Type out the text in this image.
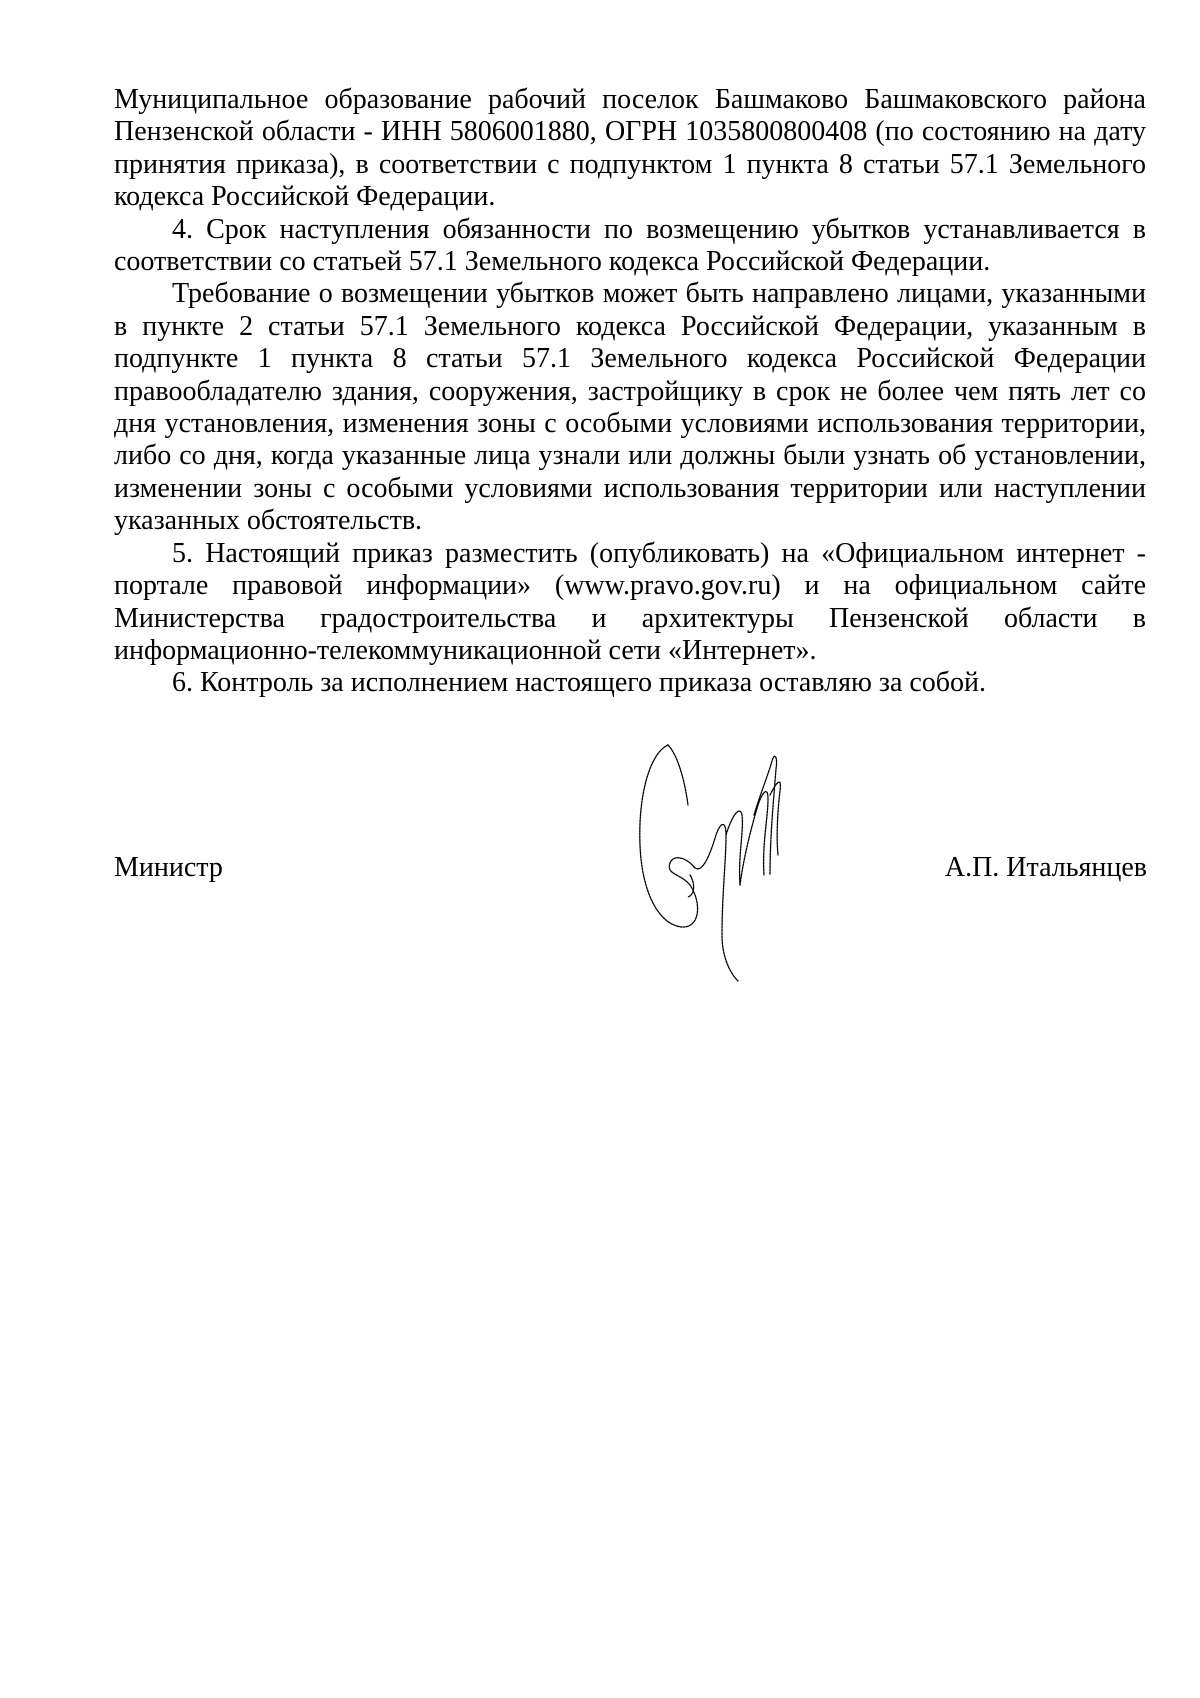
Муниципальное образование рабочий поселок Башмаково Башмаковского района Пензенской области - ИНН 5806001880, ОГРН 1035800800408 (по состоянию на дату принятия приказа), в соответствии с подпунктом 1 пункта 8 статьи 57.1 Земельного кодекса Российской Федерации.

4. Срок наступления обязанности по возмещению убытков устанавливается в соответствии со статьей 57.1 Земельного кодекса Российской Федерации.

Требование о возмещении убытков может быть направлено лицами, указанными в пункте 2 статьи 57.1 Земельного кодекса Российской Федерации, указанным в подпункте 1 пункта 8 статьи 57.1 Земельного кодекса Российской Федерации правообладателю здания, сооружения, застройщику в срок не более чем пять лет со дня установления, изменения зоны с особыми условиями использования территории, либо со дня, когда указанные лица узнали или должны были узнать об установлении, изменении зоны с особыми условиями использования территории или наступлении указанных обстоятельств.

5. Настоящий приказ разместить (опубликовать) на «Официальном интернет - портале правовой информации» (www.pravo.gov.ru) и на официальном сайте Министерства градостроительства и архитектуры Пензенской области в информационно-телекоммуникационной сети «Интернет».

6. Контроль за исполнением настоящего приказа оставляю за собой.

Министр	А.П. Итальянцев
